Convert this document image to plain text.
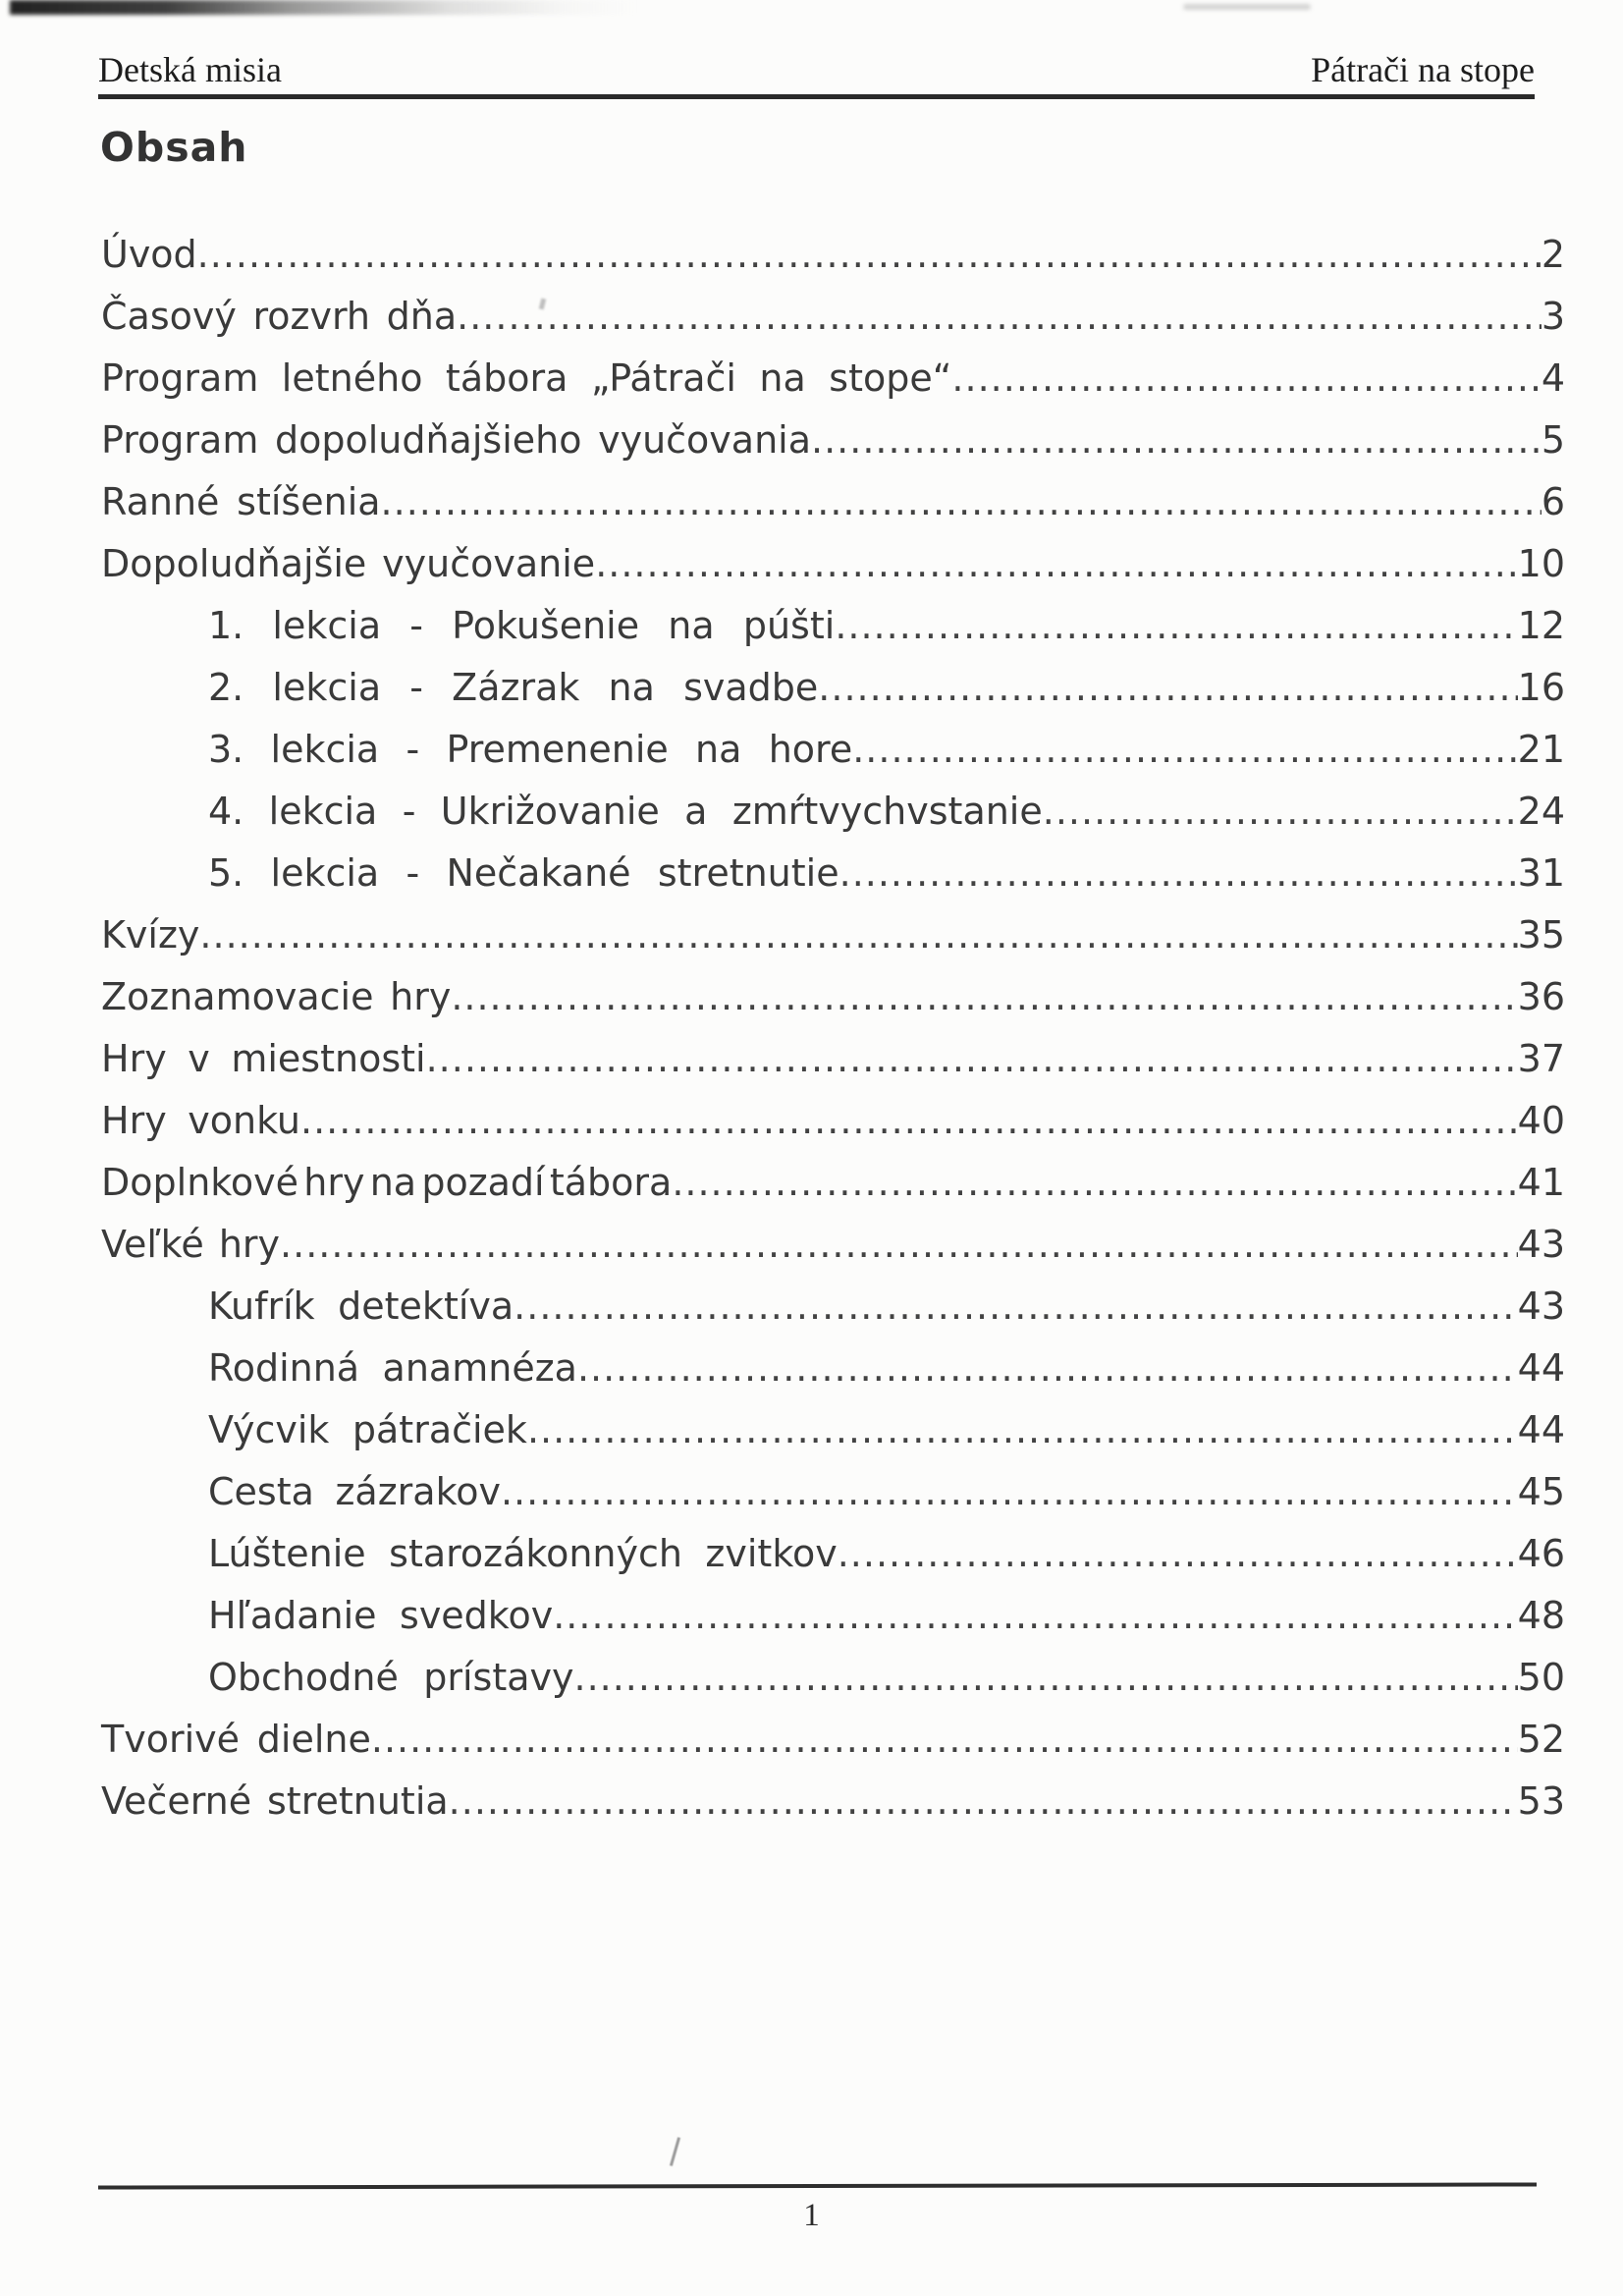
Detská misia	Pátrači na stope
Obsah
Úvod .....	2
Časový rozvrh dňa .....	3
Program letného tábora „Pátrači na stope“ .....	4
Program dopoludňajšieho vyučovania .....	5
Ranné stíšenia .....	6
Dopoludňajšie vyučovanie .....	10
1. lekcia - Pokušenie na púšti .....	12
2. lekcia - Zázrak na svadbe .....	16
3. lekcia - Premenenie na hore .....	21
4. lekcia - Ukrižovanie a zmŕtvychvstanie .....	24
5. lekcia - Nečakané stretnutie .....	31
Kvízy .....	35
Zoznamovacie hry .....	36
Hry v miestnosti .....	37
Hry vonku .....	40
Doplnkové hry na pozadí tábora .....	41
Veľké hry .....	43
Kufrík detektíva .....	43
Rodinná anamnéza .....	44
Výcvik pátračiek .....	44
Cesta zázrakov .....	45
Lúštenie starozákonných zvitkov .....	46
Hľadanie svedkov .....	48
Obchodné prístavy .....	50
Tvorivé dielne .....	52
Večerné stretnutia .....	53
1
